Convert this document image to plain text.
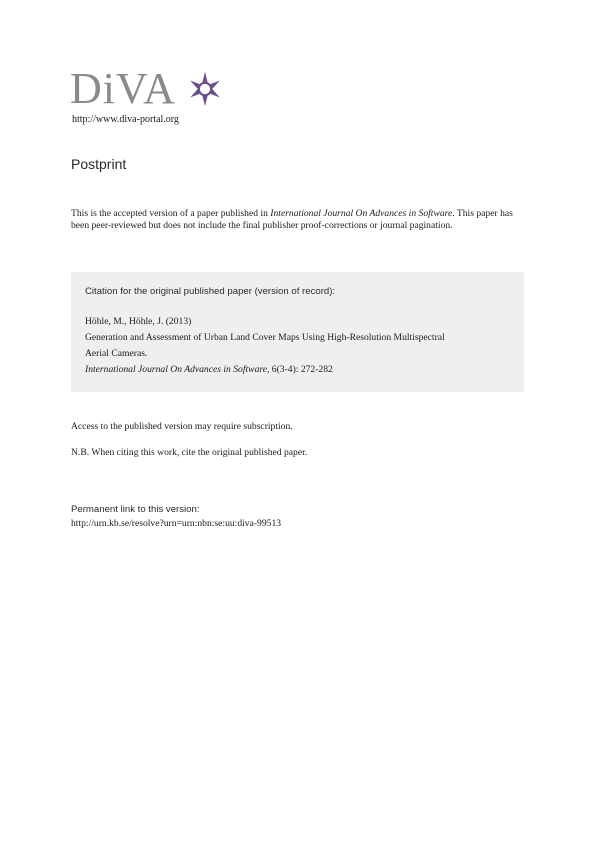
DiVA
http://www.diva-portal.org
Postprint
This is the accepted version of a paper published in International Journal On Advances in Software. This paper has been peer-reviewed but does not include the final publisher proof-corrections or journal pagination.
Citation for the original published paper (version of record):
Höhle, M., Höhle, J. (2013)
Generation and Assessment of Urban Land Cover Maps Using High-Resolution Multispectral
Aerial Cameras.
International Journal On Advances in Software, 6(3-4): 272-282
Access to the published version may require subscription.
N.B. When citing this work, cite the original published paper.
Permanent link to this version:
http://urn.kb.se/resolve?urn=urn:nbn:se:uu:diva-99513
